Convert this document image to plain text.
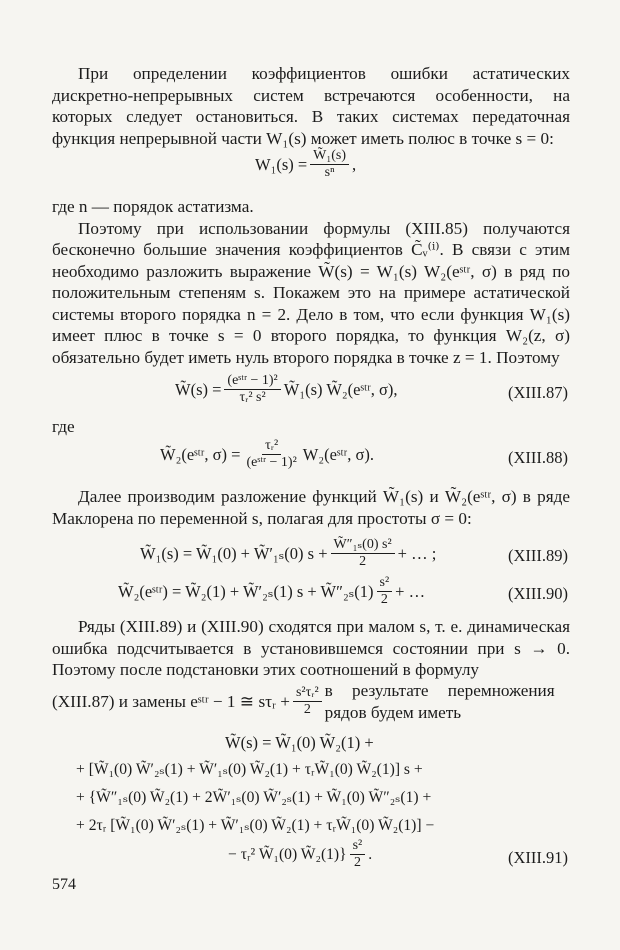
При определении коэффициентов ошибки астатических дискретно-непрерывных систем встречаются особенности, на которых следует остановиться. В таких системах передаточная функция непрерывной части W₁(s) может иметь полюс в точке s = 0:

$W_1(s) = \frac{\text{W̃₁(s)}}{\text{sⁿ}}$ ,

где n — порядок астатизма.

Поэтому при использовании формулы (XIII.85) получаются бесконечно большие значения коэффициентов C̃ᵥ⁽ⁱ⁾. В связи с этим необходимо разложить выражение W̃(s) = W₁(s) W₂(eˢᵗʳ, σ) в ряд по положительным степеням s. Покажем это на примере астатической системы второго порядка n = 2. Дело в том, что если функция W₁(s) имеет плюс в точке s = 0 второго порядка, то функция W₂(z, σ) обязательно будет иметь нуль второго порядка в точке z = 1. Поэтому

W̃(s) = $\frac{\text{(eˢᵗʳ − 1)²}}{\text{τᵣ² s²}}$ W̃₁(s) W̃₂(eˢᵗʳ, σ),	(XIII.87)
где
W̃₂(eˢᵗʳ, $\sigma) = \frac{\text{τᵣ²}}{\text{(eˢᵗʳ − 1)²}}$ W₂(eˢᵗʳ, σ).	(XIII.88)

Далее производим разложение функций W̃₁(s) и W̃₂(eˢᵗʳ, σ) в ряде Маклорена по переменной s, полагая для простоты σ = 0:

W̃₁(s) = W̃₁(0) + W̃′₁ₛ(0) $s + \frac{\text{W̃″₁ₛ(0) s²}}{2}$ + … ;	(XIII.89)
W̃₂(eˢᵗʳ) = W̃₂(1) + W̃′₂ₛ(1) s + W̃″₂ₛ(1) $\frac{\text{s²}}{2}$ + …	(XIII.90)

Ряды (XIII.89) и (XIII.90) сходятся при малом s, т. е. динамическая ошибка подсчитывается в установившемся состоянии при s → 0. Поэтому после подстановки этих соотношений в формулу

(XIII.87) и замены eˢᵗʳ − 1 ≅ sτᵣ + $\frac{\text{s²τᵣ²}}{2}$ в результате перемножения рядов будем иметь
W̃(s) = W̃₁(0) W̃₂(1) +
+ [W̃₁(0) W̃′₂ₛ(1) + W̃′₁ₛ(0) W̃₂(1) + τᵣW̃₁(0) W̃₂(1)] s +
+ {W̃″₁ₛ(0) W̃₂(1) + 2W̃′₁ₛ(0) W̃′₂ₛ(1) + W̃₁(0) W̃″₂ₛ(1) +
+ 2τᵣ [W̃₁(0) W̃′₂ₛ(1) + W̃′₁ₛ(0) W̃₂(1) + τᵣW̃₁(0) W̃₂(1)] −
− τᵣ² W̃₁(0) W̃₂(1)} $\frac{\text{s²}}{2}$ .	(XIII.91)
574
